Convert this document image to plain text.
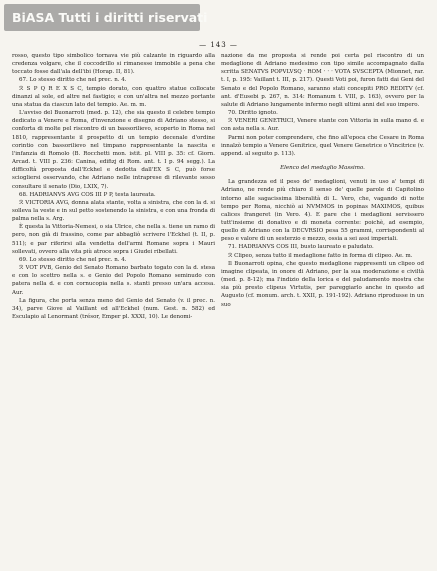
BiASA Tutti i diritti riservati
— 143 —

rosso, questo tipo simbolico tornava vie più calzante in riguardo alla credenza volgare, che il coccodrillo si rimanesse immobile a pena che toccato fosse dall'ala dell'ibi (Horap. II, 81).

67. Lo stesso diritto che nel prec. n. 4.

ℛ S P Q R E X S C, tempio dorato, con quattro statue collocate dinanzi al sole, ed altre nel fastigio; e con un'altra nel mezzo portante una statua da ciascun lato del tempio. Ae. m. m.

L'avviso del Buonarroti (med. p. 12), che sia questo il celebre tempio dedicato a Venere e Roma, d'invenzione e disegno di Adriano stesso, si conforta di molte pel riscontro di un bassorilievo, scoperto in Roma nel 1810, rappresentante il prospetto di un tempio decenale d'ordine corintio con bassorilievo nel timpano rappresentante la nascita e l'infanzia di Romolo (B. Rocchetti mon. istit. pl. VIII p. 35: cf. Giorn. Arcad. t. VIII p. 236: Canina, edifizj di Rom. ant. t. I p. 94 segg.). La difficoltà proposta dall'Eckhel e dedotta dall'EX S C, può forse sciogliersi osservando, che Adriano nelle intraprese di rilevante sesso consultare il senato (Dio, LXIX, 7).

68. HADRIANVS AVG COS III P P, testa laureata.

ℛ VICTORIA AVG, donna alata stante, volta a sinistra, che con la d. si solleva la veste e in sul petto sostenendo la sinistra, e con una fronda di palma nella s. Arg.

È questa la Vittoria-Nemesi, o sia Ulrice, che nella s. tiene un ramo di pero, non già di frassino, come par abbagliò scrivere l'Eckhel (t. II, p. 511); e par riferirsi alla vendetta dell'armi Romane sopra i Mauri sollevati, ovvero alla vita più atroce sopra i Giudei ribellati.

69. Lo stesso diritto che nel prec. n. 4.

ℛ VOT PVB, Genio del Senato Romano barbato togato con la d. stesa e con lo scettro nella s. e Genio del Popolo Romano seminudo con patera nella d. e con cornucopia nella s. stanti presso un'ara accesa. Aur.

La figura, che porta senza meno del Genio del Senato (v. il prec. n. 34), parve Giove al Vaillant ed all'Eckhel (num. Gest. n. 582) ed Esculapio al Lenormant (trésor, Emper pl. XXXI, 10). Le denomi-

nazione da me proposta si rende poi certa pel riscontro di un medaglione di Adriano medesimo con tipo simile accompagnato dalla scritta SENATVS POPVLVSQ · ROM · · · VOTA SVSCEPTA (Mionnet, rar. t. I, p. 195: Vaillant t. III, p. 217). Questi Voti poi, furon fatti dai Geni del Senato e del Popolo Romano, saranno stati concepiti PRO REDITV (cf. ant. d'Eusebi p. 267, n. 314: Romanum t. VIII, p. 163), ovvero per la salute di Adriano lungamente infermo negli ultimi anni del suo impero.

70. Diritto ignoto.

ℛ VENERI GENETRICI, Venere stante con Vittoria in sulla mano d. e con asta nella s. Aur.

Parmi non poter comprendere, che fino all'epoca che Cesare in Roma innalzò tempio a Venere Genitrice, quel Venere Genetrice o Vincitrice (v. append. al seguito p. 113).

Elenco del medaglio Massimo.

La grandezza ed il peso de' medaglioni, venuti in uso a' tempi di Adriano, ne rende più chiaro il senso de' quelle parole di Capitolino intorno alle sagacissima liberalità di L. Vero, che, vagando di notte tempo per Roma, nicchiò ai NVMMOS in popinas MAXIMOS, quibus calices frangeret (in Vero. 4). E pare che i medaglioni servissero tutt'insieme di donativo e di moneta corrente: poichè, ad esempio, quello di Adriano con la DECVRSIO pesa 55 grammi, corrispondenti al peso e valore di un sesterzio e mezzo, ossia a sei assi imperiali.

71. HADRIANVS COS III, busto laureato e paludato.

ℛ Clipeo, senza tutto il medaglione fatto in forma di clipeo. Ae. m.

Il Buonarroti opina, che questo medaglione rappresenti un clipeo od imagine clipeata, in onore di Adriano, per la sua moderazione e civiltà (med. p. 8-12); ma l'indizio della lorica e del paludamento mostra che sia più presto clipeus Virtutis, per pareggiarlo anche in questo ad Augusto (cf. monum. arch. t. XXII, p. 191-192). Adriano riprodusse in un suo
